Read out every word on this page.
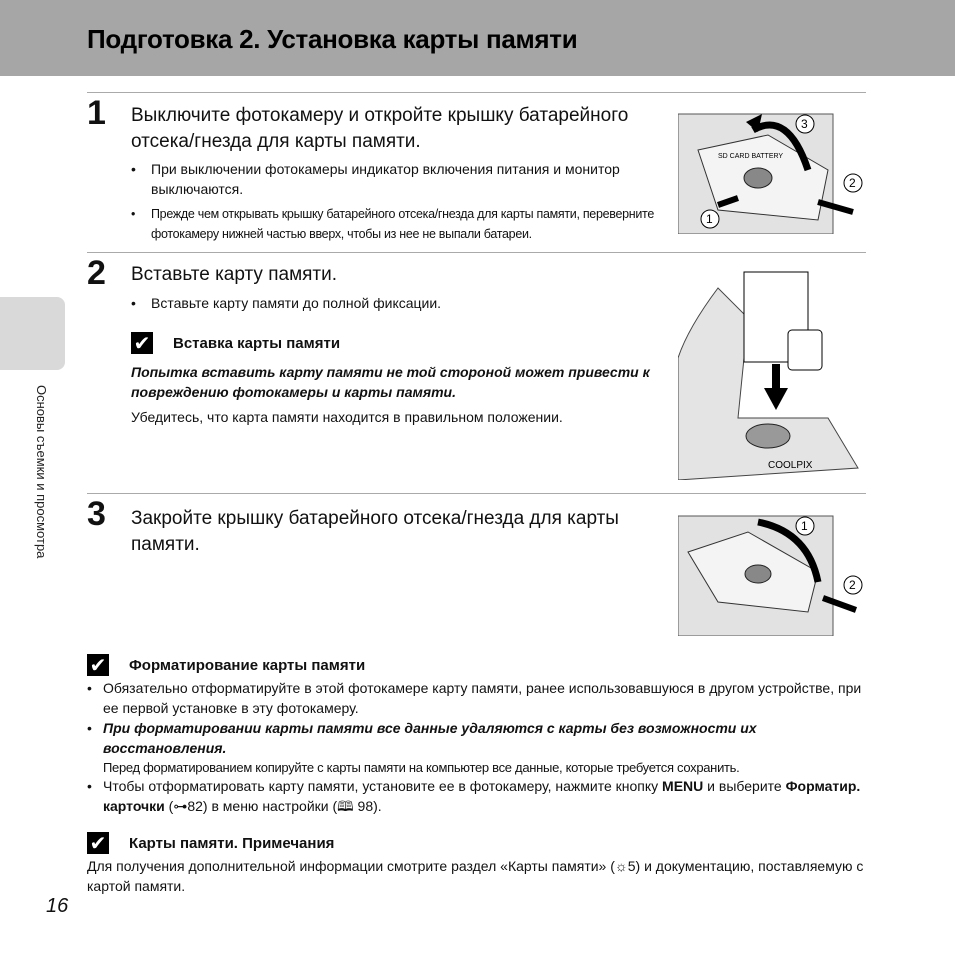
Подготовка 2. Установка карты памяти
Основы съемки и просмотра
1 Выключите фотокамеру и откройте крышку батарейного отсека/гнезда для карты памяти.
•	При выключении фотокамеры индикатор включения питания и монитор выключаются.
•	Прежде чем открывать крышку батарейного отсека/гнезда для карты памяти, переверните фотокамеру нижней частью вверх, чтобы из нее не выпали батареи.
SD CARD BATTERY
3
2
1
2 Вставьте карту памяти.
•	Вставьте карту памяти до полной фиксации.
✔ Вставка карты памяти
Попытка вставить карту памяти не той стороной может привести к повреждению фотокамеры и карты памяти.
Убедитесь, что карта памяти находится в правильном положении.
COOLPIX
3 Закройте крышку батарейного отсека/гнезда для карты памяти.
1
2
✔ Форматирование карты памяти
• Обязательно отформатируйте в этой фотокамере карту памяти, ранее использовавшуюся в другом устройстве, при ее первой установке в эту фотокамеру.
• При форматировании карты памяти все данные удаляются с карты без возможности их восстановления.
Перед форматированием копируйте с карты памяти на компьютер все данные, которые требуется сохранить.
• Чтобы отформатировать карту памяти, установите ее в фотокамеру, нажмите кнопку MENU и выберите Форматир. карточки (⊶82) в меню настройки (🕮 98).
✔ Карты памяти. Примечания
Для получения дополнительной информации смотрите раздел «Карты памяти» (☼5) и документацию, поставляемую с картой памяти.
16
